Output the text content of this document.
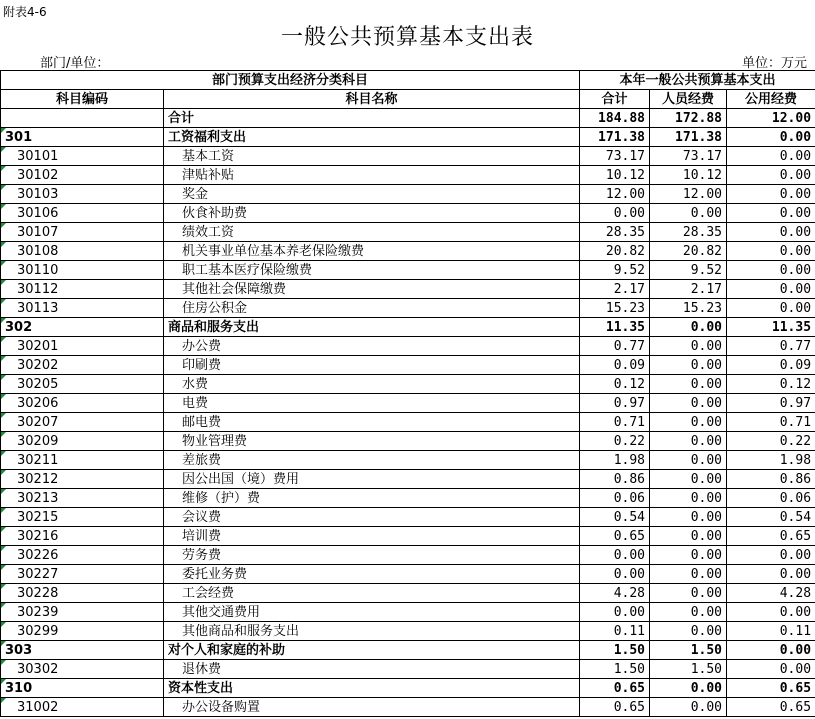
附表4-6
一般公共预算基本支出表
部门/单位：	单位：万元
部门预算支出经济分类科目		本年一般公共预算基本支出		
科目编码	科目名称	合计	人员经费	公用经费
	合计	184.88	172.88	12.00
301	工资福利支出	171.38	171.38	0.00
30101	基本工资	73.17	73.17	0.00
30102	津贴补贴	10.12	10.12	0.00
30103	奖金	12.00	12.00	0.00
30106	伙食补助费	0.00	0.00	0.00
30107	绩效工资	28.35	28.35	0.00
30108	机关事业单位基本养老保险缴费	20.82	20.82	0.00
30110	职工基本医疗保险缴费	9.52	9.52	0.00
30112	其他社会保障缴费	2.17	2.17	0.00
30113	住房公积金	15.23	15.23	0.00
302	商品和服务支出	11.35	0.00	11.35
30201	办公费	0.77	0.00	0.77
30202	印刷费	0.09	0.00	0.09
30205	水费	0.12	0.00	0.12
30206	电费	0.97	0.00	0.97
30207	邮电费	0.71	0.00	0.71
30209	物业管理费	0.22	0.00	0.22
30211	差旅费	1.98	0.00	1.98
30212	因公出国（境）费用	0.86	0.00	0.86
30213	维修（护）费	0.06	0.00	0.06
30215	会议费	0.54	0.00	0.54
30216	培训费	0.65	0.00	0.65
30226	劳务费	0.00	0.00	0.00
30227	委托业务费	0.00	0.00	0.00
30228	工会经费	4.28	0.00	4.28
30239	其他交通费用	0.00	0.00	0.00
30299	其他商品和服务支出	0.11	0.00	0.11
303	对个人和家庭的补助	1.50	1.50	0.00
30302	退休费	1.50	1.50	0.00
310	资本性支出	0.65	0.00	0.65
31002	办公设备购置	0.65	0.00	0.65
